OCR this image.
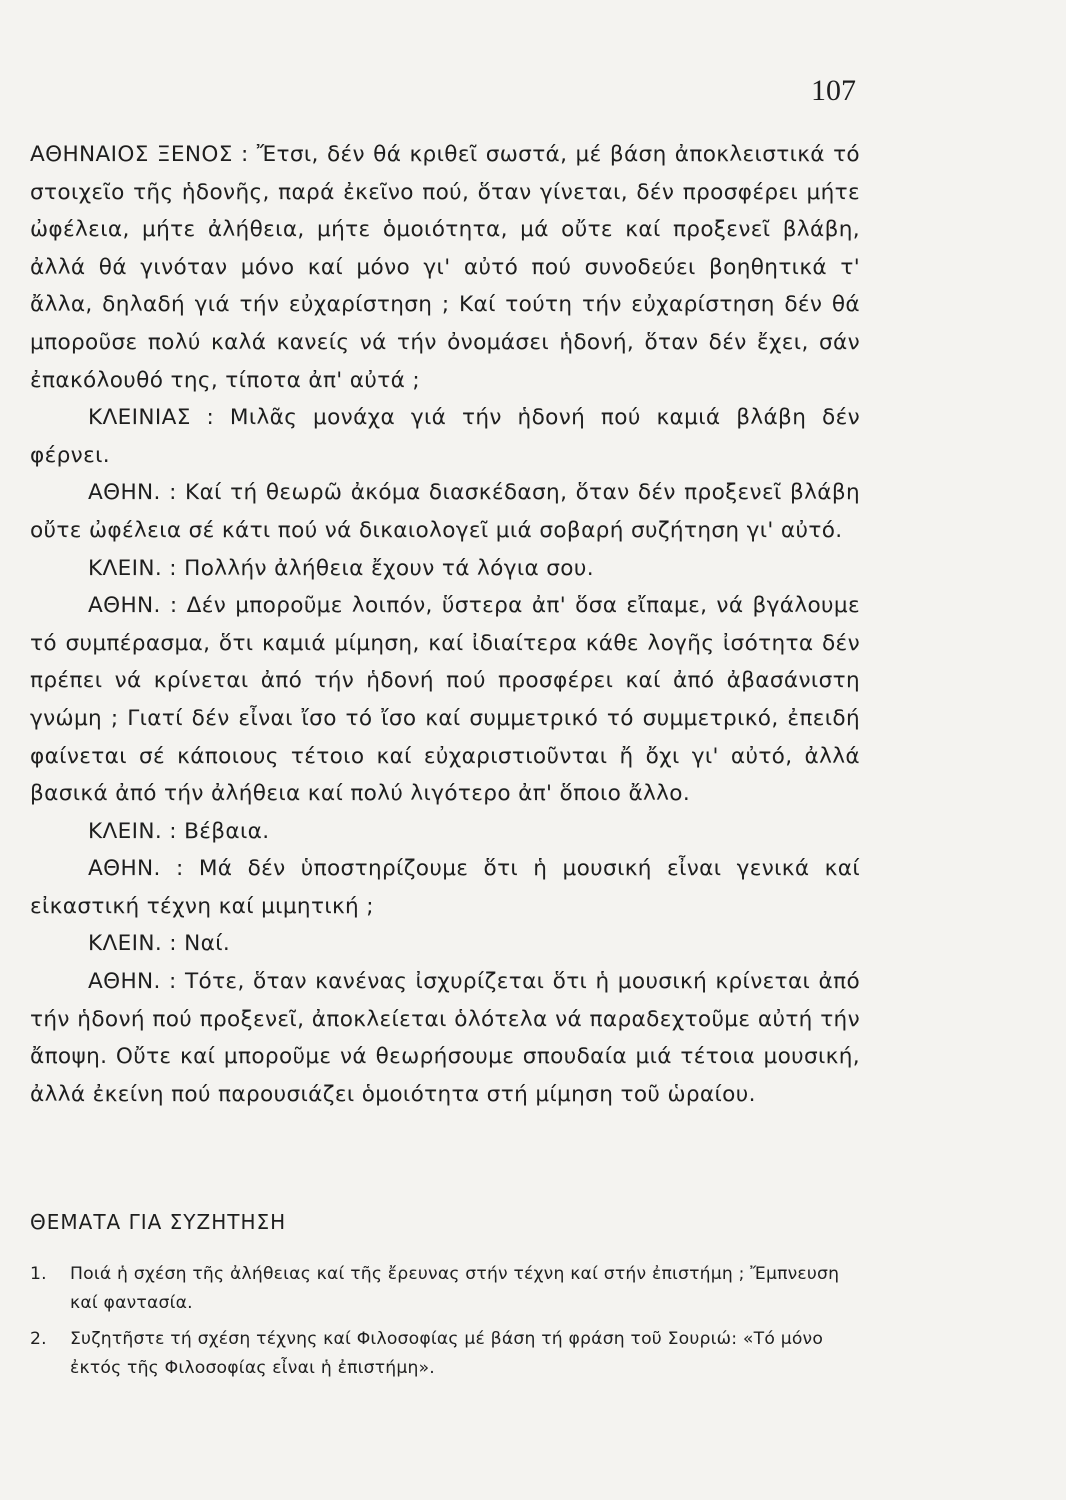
107

ΑΘΗΝΑΙΟΣ ΞΕΝΟΣ : Ἔτσι, δέν θά κριθεῖ σωστά, μέ βάση ἀποκλειστικά τό στοιχεῖο τῆς ἡδονῆς, παρά ἐκεῖνο πού, ὅταν γίνεται, δέν προσφέρει μήτε ὠφέλεια, μήτε ἀλήθεια, μήτε ὁμοιότητα, μά οὔτε καί προξενεῖ βλάβη, ἀλλά θά γινόταν μόνο καί μόνο γι' αὐτό πού συνοδεύει βοηθητικά τ' ἄλλα, δηλαδή γιά τήν εὐχαρίστηση ; Καί τούτη τήν εὐχαρίστηση δέν θά μποροῦσε πολύ καλά κανείς νά τήν ὀνομάσει ἡδονή, ὅταν δέν ἔχει, σάν ἐπακόλουθό της, τίποτα ἀπ' αὐτά ;

ΚΛΕΙΝΙΑΣ : Μιλᾶς μονάχα γιά τήν ἡδονή πού καμιά βλάβη δέν φέρνει.

ΑΘΗΝ. : Καί τή θεωρῶ ἀκόμα διασκέδαση, ὅταν δέν προξενεῖ βλάβη οὔτε ὠφέλεια σέ κάτι πού νά δικαιολογεῖ μιά σοβαρή συζήτηση γι' αὐτό.

ΚΛΕΙΝ. : Πολλήν ἀλήθεια ἔχουν τά λόγια σου.

ΑΘΗΝ. : Δέν μποροῦμε λοιπόν, ὕστερα ἀπ' ὅσα εἴπαμε, νά βγάλουμε τό συμπέρασμα, ὅτι καμιά μίμηση, καί ἰδιαίτερα κάθε λογῆς ἰσότητα δέν πρέπει νά κρίνεται ἀπό τήν ἡδονή πού προσφέρει καί ἀπό ἀβασάνιστη γνώμη ; Γιατί δέν εἶναι ἴσο τό ἴσο καί συμμετρικό τό συμμετρικό, ἐπειδή φαίνεται σέ κάποιους τέτοιο καί εὐχαριστιοῦνται ἤ ὄχι γι' αὐτό, ἀλλά βασικά ἀπό τήν ἀλήθεια καί πολύ λιγότερο ἀπ' ὅποιο ἄλλο.

ΚΛΕΙΝ. : Βέβαια.

ΑΘΗΝ. : Μά δέν ὑποστηρίζουμε ὅτι ἡ μουσική εἶναι γενικά καί εἰκαστική τέχνη καί μιμητική ;

ΚΛΕΙΝ. : Ναί.

ΑΘΗΝ. : Τότε, ὅταν κανένας ἰσχυρίζεται ὅτι ἡ μουσική κρίνεται ἀπό τήν ἡδονή πού προξενεῖ, ἀποκλείεται ὁλότελα νά παραδεχτοῦμε αὐτή τήν ἄποψη. Οὔτε καί μποροῦμε νά θεωρήσουμε σπουδαία μιά τέτοια μουσική, ἀλλά ἐκείνη πού παρουσιάζει ὁμοιότητα στή μίμηση τοῦ ὡραίου.

ΘΕΜΑΤΑ ΓΙΑ ΣΥΖΗΤΗΣΗ
1.	Ποιά ἡ σχέση τῆς ἀλήθειας καί τῆς ἔρευνας στήν τέχνη καί στήν ἐπιστήμη ; Ἔμπνευση καί φαντασία.
2.	Συζητῆστε τή σχέση τέχνης καί Φιλοσοφίας μέ βάση τή φράση τοῦ Σουριώ: «Τό μόνο ἐκτός τῆς Φιλοσοφίας εἶναι ἡ ἐπιστήμη».
